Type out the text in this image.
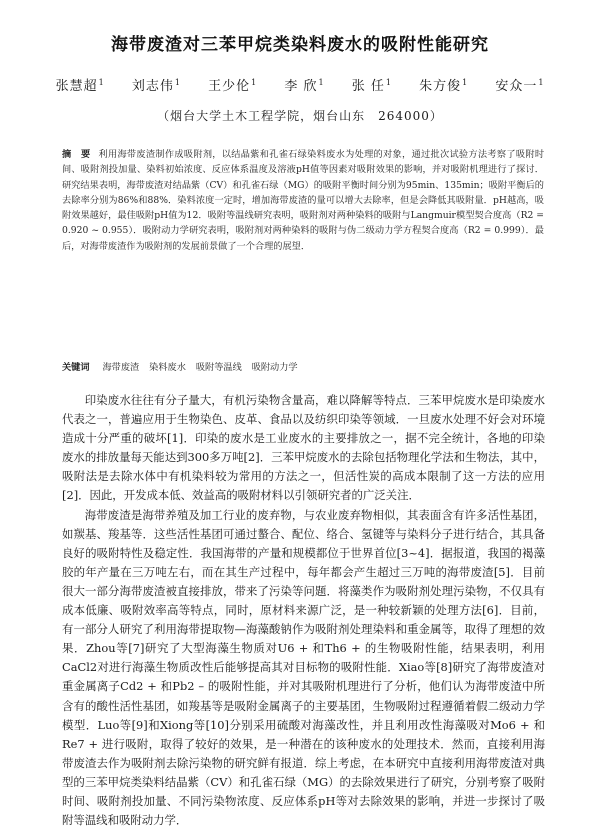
海带废渣对三苯甲烷类染料废水的吸附性能研究
张慧超$^1$ 刘志伟$^1$ 王少伦$^1$ 李 欣$^1$ 张 任$^1$ 朱方俊$^1$ 安众一$^1$
（烟台大学土木工程学院，烟台山东　264000）
摘　要 利用海带废渣制作成吸附剂，以结晶紫和孔雀石绿染料废水为处理的对象，通过批次试验方法考察了吸附时间、吸附剂投加量、染料初始浓度、反应体系温度及溶液pH值等因素对吸附效果的影响，并对吸附机理进行了探讨．研究结果表明，海带废渣对结晶紫（CV）和孔雀石绿（MG）的吸附平衡时间分别为95min、135min；吸附平衡后的去除率分别为86%和88%．染料浓度一定时，增加海带废渣的量可以增大去除率，但是会降低其吸附量．pH越高，吸附效果越好，最佳吸附pH值为12．吸附等温线研究表明，吸附剂对两种染料的吸附与Langmuir模型契合度高（R2 = 0.920 ~ 0.955）．吸附动力学研究表明，吸附剂对两种染料的吸附与伪二级动力学方程契合度高（R2 = 0.999）．最后，对海带废渣作为吸附剂的发展前景做了一个合理的展望．
关键词 海带废渣 染料废水 吸附等温线 吸附动力学

印染废水往往有分子量大，有机污染物含量高，难以降解等特点．三苯甲烷废水是印染废水代表之一，普遍应用于生物染色、皮革、食品以及纺织印染等领域．一旦废水处理不好会对环境造成十分严重的破坏[1]．印染的废水是工业废水的主要排放之一，据不完全统计，各地的印染废水的排放量每天能达到300多万吨[2]．三苯甲烷废水的去除包括物理化学法和生物法，其中，吸附法是去除水体中有机染料较为常用的方法之一，但活性炭的高成本限制了这一方法的应用[2]．因此，开发成本低、效益高的吸附材料以引领研究者的广泛关注．

海带废渣是海带养殖及加工行业的废弃物，与农业废弃物相似，其表面含有许多活性基团，如羰基、羧基等．这些活性基团可通过螯合、配位、络合、氢键等与染料分子进行结合，其具备良好的吸附特性及稳定性．我国海带的产量和规模都位于世界首位[3~4]．据报道，我国的褐藻胶的年产量在三万吨左右，而在其生产过程中，每年都会产生超过三万吨的海带废渣[5]．目前很大一部分海带废渣被直接排放，带来了污染等问题．将藻类作为吸附剂处理污染物，不仅具有成本低廉、吸附效率高等特点，同时，原材料来源广泛，是一种较新颖的处理方法[6]．目前，有一部分人研究了利用海带提取物—海藻酸钠作为吸附剂处理染料和重金属等，取得了理想的效果．Zhou等[7]研究了大型海藻生物质对U6 + 和Th6 + 的生物吸附性能，结果表明，利用CaCl2对进行海藻生物质改性后能够提高其对目标物的吸附性能．Xiao等[8]研究了海带废渣对重金属离子Cd2 + 和Pb2 – 的吸附性能，并对其吸附机理进行了分析，他们认为海带废渣中所含有的酸性活性基团，如羧基等是吸附金属离子的主要基团，生物吸附过程遵循着假二级动力学模型．Luo等[9]和Xiong等[10]分别采用硫酸对海藻改性，并且利用改性海藻吸对Mo6 + 和Re7 + 进行吸附，取得了较好的效果，是一种潜在的该种废水的处理技术．然而，直接利用海带废渣去作为吸附剂去除污染物的研究鲜有报道．综上考虑，在本研究中直接利用海带废渣对典型的三苯甲烷类染料结晶紫（CV）和孔雀石绿（MG）的去除效果进行了研究，分别考察了吸附时间、吸附剂投加量、不同污染物浓度、反应体系pH等对去除效果的影响，并进一步探讨了吸附等温线和吸附动力学．
